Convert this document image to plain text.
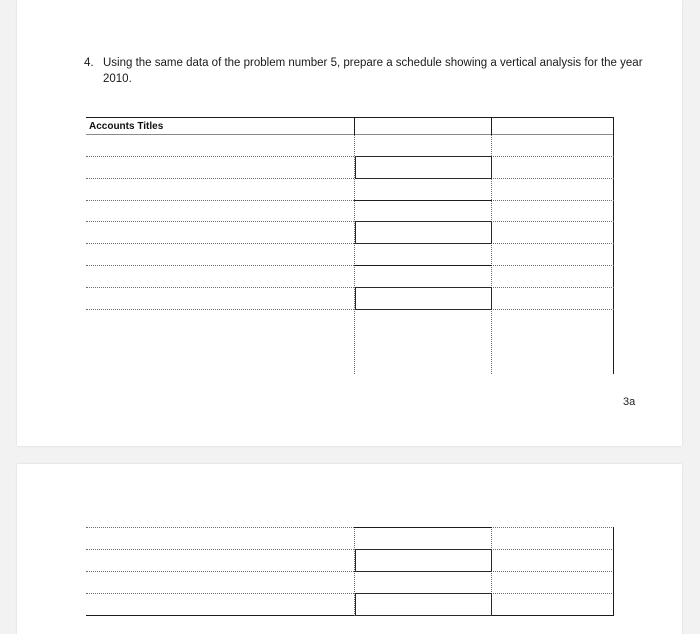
4. Using the same data of the problem number 5, prepare a schedule showing a vertical analysis for the year 2010.
Accounts Titles
3a
